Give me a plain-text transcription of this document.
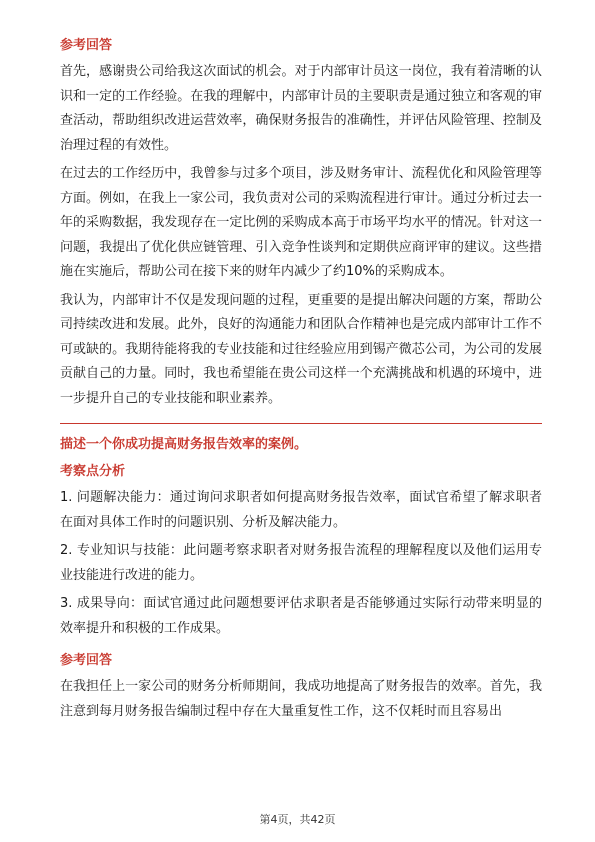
参考回答

首先，感谢贵公司给我这次面试的机会。对于内部审计员这一岗位，我有着清晰的认识和一定的工作经验。在我的理解中，内部审计员的主要职责是通过独立和客观的审查活动，帮助组织改进运营效率，确保财务报告的准确性，并评估风险管理、控制及治理过程的有效性。

在过去的工作经历中，我曾参与过多个项目，涉及财务审计、流程优化和风险管理等方面。例如，在我上一家公司，我负责对公司的采购流程进行审计。通过分析过去一年的采购数据，我发现存在一定比例的采购成本高于市场平均水平的情况。针对这一问题，我提出了优化供应链管理、引入竞争性谈判和定期供应商评审的建议。这些措施在实施后，帮助公司在接下来的财年内减少了约10%的采购成本。

我认为，内部审计不仅是发现问题的过程，更重要的是提出解决问题的方案，帮助公司持续改进和发展。此外，良好的沟通能力和团队合作精神也是完成内部审计工作不可或缺的。我期待能将我的专业技能和过往经验应用到锡产微芯公司，为公司的发展贡献自己的力量。同时，我也希望能在贵公司这样一个充满挑战和机遇的环境中，进一步提升自己的专业技能和职业素养。

描述一个你成功提高财务报告效率的案例。
考察点分析

1. 问题解决能力：通过询问求职者如何提高财务报告效率，面试官希望了解求职者在面对具体工作时的问题识别、分析及解决能力。

2. 专业知识与技能：此问题考察求职者对财务报告流程的理解程度以及他们运用专业技能进行改进的能力。

3. 成果导向：面试官通过此问题想要评估求职者是否能够通过实际行动带来明显的效率提升和积极的工作成果。

参考回答

在我担任上一家公司的财务分析师期间，我成功地提高了财务报告的效率。首先，我注意到每月财务报告编制过程中存在大量重复性工作，这不仅耗时而且容易出

第4页，共42页
